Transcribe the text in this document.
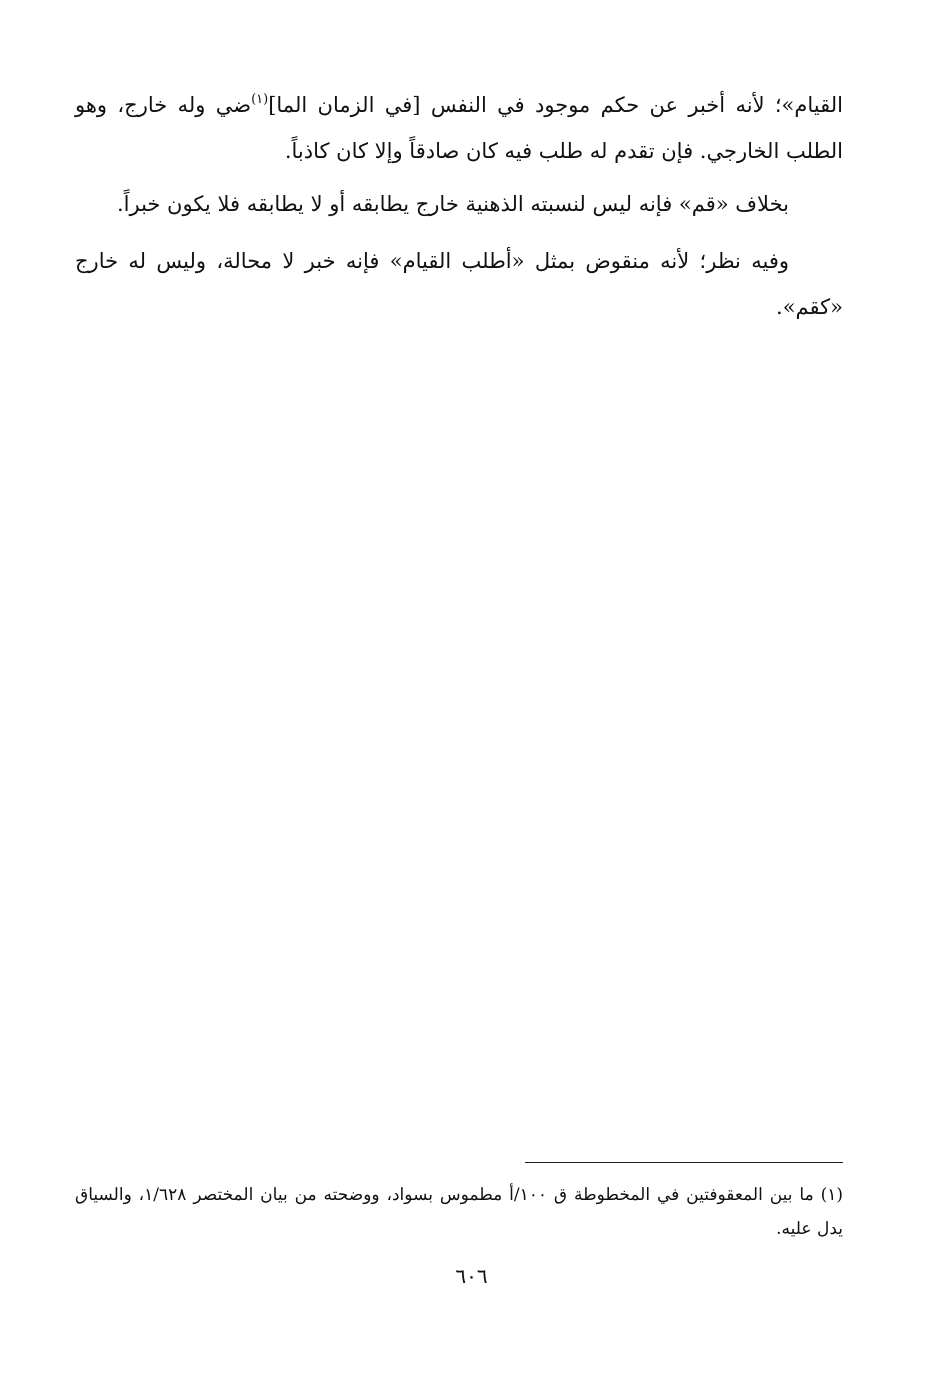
القيام»؛ لأنه أخبر عن حكم موجود في النفس [في الزمان الما]$^{(١)}$ضي وله خارج، وهو الطلب الخارجي. فإن تقدم له طلب فيه كان صادقاً وإلا كان كاذباً.

بخلاف «قم» فإنه ليس لنسبته الذهنية خارج يطابقه أو لا يطابقه فلا يكون خبراً.

وفيه نظر؛ لأنه منقوض بمثل «أطلب القيام» فإنه خبر لا محالة، وليس له خارج «كقم».

(١) ما بين المعقوفتين في المخطوطة ق ١٠٠/أ مطموس بسواد، ووضحته من بيان المختصر ١/٦٢٨، والسياق يدل عليه.

٦٠٦
